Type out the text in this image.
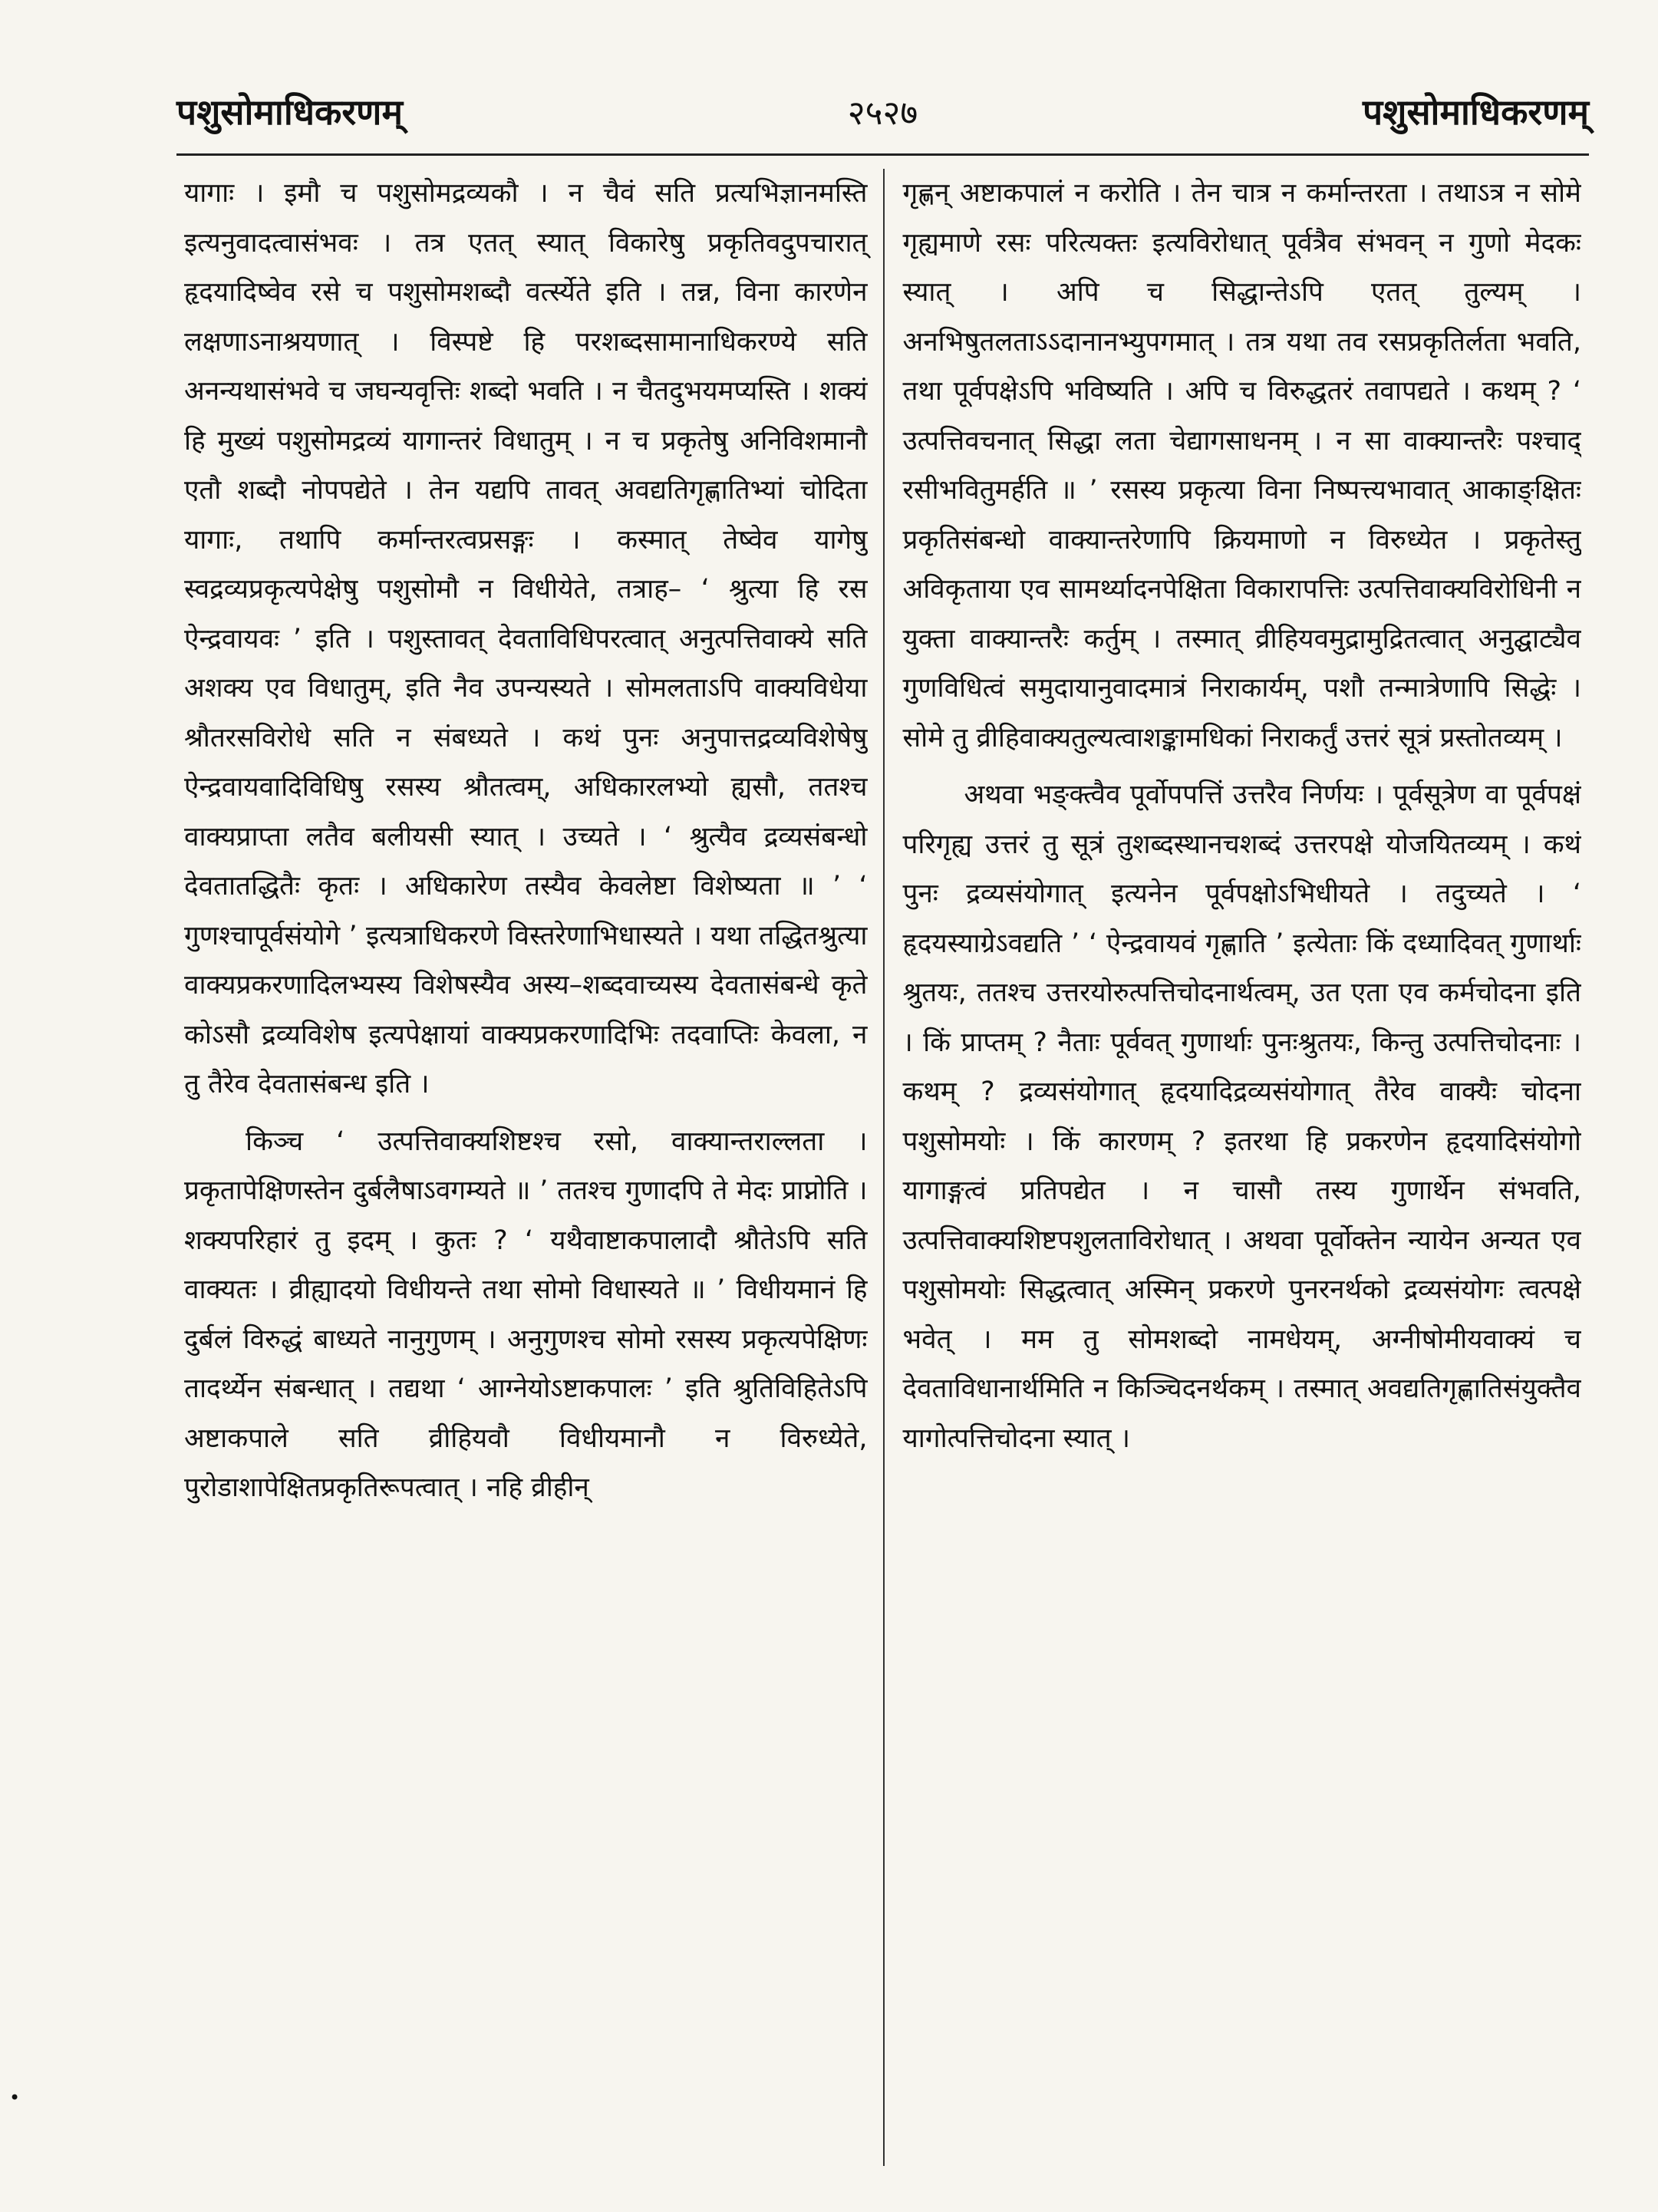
पशुसोमाधिकरणम्	२५२७	पशुसोमाधिकरणम्

यागाः । इमौ च पशुसोमद्रव्यकौ । न चैवं सति प्रत्यभिज्ञानमस्ति इत्यनुवादत्वासंभवः । तत्र एतत् स्यात् विकारेषु प्रकृतिवदुपचारात् हृदयादिष्वेव रसे च पशुसोमशब्दौ वर्त्स्येते इति । तन्न, विना कारणेन लक्षणाऽनाश्रयणात् । विस्पष्टे हि परशब्दसामानाधिकरण्ये सति अनन्यथासंभवे च जघन्यवृत्तिः शब्दो भवति । न चैतदुभयमप्यस्ति । शक्यं हि मुख्यं पशुसोमद्रव्यं यागान्तरं विधातुम् । न च प्रकृतेषु अनिविशमानौ एतौ शब्दौ नोपपद्येते । तेन यद्यपि तावत् अवद्यतिगृह्णातिभ्यां चोदिता यागाः, तथापि कर्मान्तरत्वप्रसङ्गः । कस्मात् तेष्वेव यागेषु स्वद्रव्यप्रकृत्यपेक्षेषु पशुसोमौ न विधीयेते, तत्राह– ‘ श्रुत्या हि रस ऐन्द्रवायवः ’ इति । पशुस्तावत् देवताविधिपरत्वात् अनुत्पत्तिवाक्ये सति अशक्य एव विधातुम्, इति नैव उपन्यस्यते । सोमलताऽपि वाक्यविधेया श्रौतरसविरोधे सति न संबध्यते । कथं पुनः अनुपात्तद्रव्यविशेषेषु ऐन्द्रवायवादिविधिषु रसस्य श्रौतत्वम्, अधिकारलभ्यो ह्यसौ, ततश्च वाक्यप्राप्ता लतैव बलीयसी स्यात् । उच्यते । ‘ श्रुत्यैव द्रव्यसंबन्धो देवतातद्धितैः कृतः । अधिकारेण तस्यैव केवलेष्टा विशेष्यता ॥ ’ ‘ गुणश्चापूर्वसंयोगे ’ इत्यत्राधिकरणे विस्तरेणाभिधास्यते । यथा तद्धितश्रुत्या वाक्यप्रकरणादिलभ्यस्य विशेषस्यैव अस्य–शब्दवाच्यस्य देवतासंबन्धे कृते कोऽसौ द्रव्यविशेष इत्यपेक्षायां वाक्यप्रकरणादिभिः तदवाप्तिः केवला, न तु तैरेव देवतासंबन्ध इति ।

किञ्च ‘ उत्पत्तिवाक्यशिष्टश्च रसो, वाक्यान्तराल्लता । प्रकृतापेक्षिणस्तेन दुर्बलैषाऽवगम्यते ॥ ’ ततश्च गुणादपि ते मेदः प्राप्नोति । शक्यपरिहारं तु इदम् । कुतः ? ‘ यथैवाष्टाकपालादौ श्रौतेऽपि सति वाक्यतः । व्रीह्यादयो विधीयन्ते तथा सोमो विधास्यते ॥ ’ विधीयमानं हि दुर्बलं विरुद्धं बाध्यते नानुगुणम् । अनुगुणश्च सोमो रसस्य प्रकृत्यपेक्षिणः तादर्थ्येन संबन्धात् । तद्यथा ‘ आग्नेयोऽष्टाकपालः ’ इति श्रुतिविहितेऽपि अष्टाकपाले सति व्रीहियवौ विधीयमानौ न विरुध्येते, पुरोडाशापेक्षितप्रकृतिरूपत्वात् । नहि व्रीहीन्

गृह्णन् अष्टाकपालं न करोति । तेन चात्र न कर्मान्तरता । तथाऽत्र न सोमे गृह्यमाणे रसः परित्यक्तः इत्यविरोधात् पूर्वत्रैव संभवन् न गुणो मेदकः स्यात् । अपि च सिद्धान्तेऽपि एतत् तुल्यम् । अनभिषुतलताऽऽदानानभ्युपगमात् । तत्र यथा तव रसप्रकृतिर्लता भवति, तथा पूर्वपक्षेऽपि भविष्यति । अपि च विरुद्धतरं तवापद्यते । कथम् ? ‘ उत्पत्तिवचनात् सिद्धा लता चेद्यागसाधनम् । न सा वाक्यान्तरैः पश्चाद् रसीभवितुमर्हति ॥ ’ रसस्य प्रकृत्या विना निष्पत्त्यभावात् आकाङ्क्षितः प्रकृतिसंबन्धो वाक्यान्तरेणापि क्रियमाणो न विरुध्येत । प्रकृतेस्तु अविकृताया एव सामर्थ्यादनपेक्षिता विकारापत्तिः उत्पत्तिवाक्यविरोधिनी न युक्ता वाक्यान्तरैः कर्तुम् । तस्मात् व्रीहियवमुद्रामुद्रितत्वात् अनुद्घाट्यैव गुणविधित्वं समुदायानुवादमात्रं निराकार्यम्, पशौ तन्मात्रेणापि सिद्धेः । सोमे तु व्रीहिवाक्यतुल्यत्वाशङ्कामधिकां निराकर्तुं उत्तरं सूत्रं प्रस्तोतव्यम् ।

अथवा भङ्क्त्वैव पूर्वोपपत्तिं उत्तरैव निर्णयः । पूर्वसूत्रेण वा पूर्वपक्षं परिगृह्य उत्तरं तु सूत्रं तुशब्दस्थानचशब्दं उत्तरपक्षे योजयितव्यम् । कथं पुनः द्रव्यसंयोगात् इत्यनेन पूर्वपक्षोऽभिधीयते । तदुच्यते । ‘ हृदयस्याग्रेऽवद्यति ’ ‘ ऐन्द्रवायवं गृह्णाति ’ इत्येताः किं दध्यादिवत् गुणार्थाः श्रुतयः, ततश्च उत्तरयोरुत्पत्तिचोदनार्थत्वम्, उत एता एव कर्मचोदना इति । किं प्राप्तम् ? नैताः पूर्ववत् गुणार्थाः पुनःश्रुतयः, किन्तु उत्पत्तिचोदनाः । कथम् ? द्रव्यसंयोगात् हृदयादिद्रव्यसंयोगात् तैरेव वाक्यैः चोदना पशुसोमयोः । किं कारणम् ? इतरथा हि प्रकरणेन हृदयादिसंयोगो यागाङ्गत्वं प्रतिपद्येत । न चासौ तस्य गुणार्थेन संभवति, उत्पत्तिवाक्यशिष्टपशुलताविरोधात् । अथवा पूर्वोक्तेन न्यायेन अन्यत एव पशुसोमयोः सिद्धत्वात् अस्मिन् प्रकरणे पुनरनर्थको द्रव्यसंयोगः त्वत्पक्षे भवेत् । मम तु सोमशब्दो नामधेयम्, अग्नीषोमीयवाक्यं च देवताविधानार्थमिति न किञ्चिदनर्थकम् । तस्मात् अवद्यतिगृह्णातिसंयुक्तैव यागोत्पत्तिचोदना स्यात् ।

•
